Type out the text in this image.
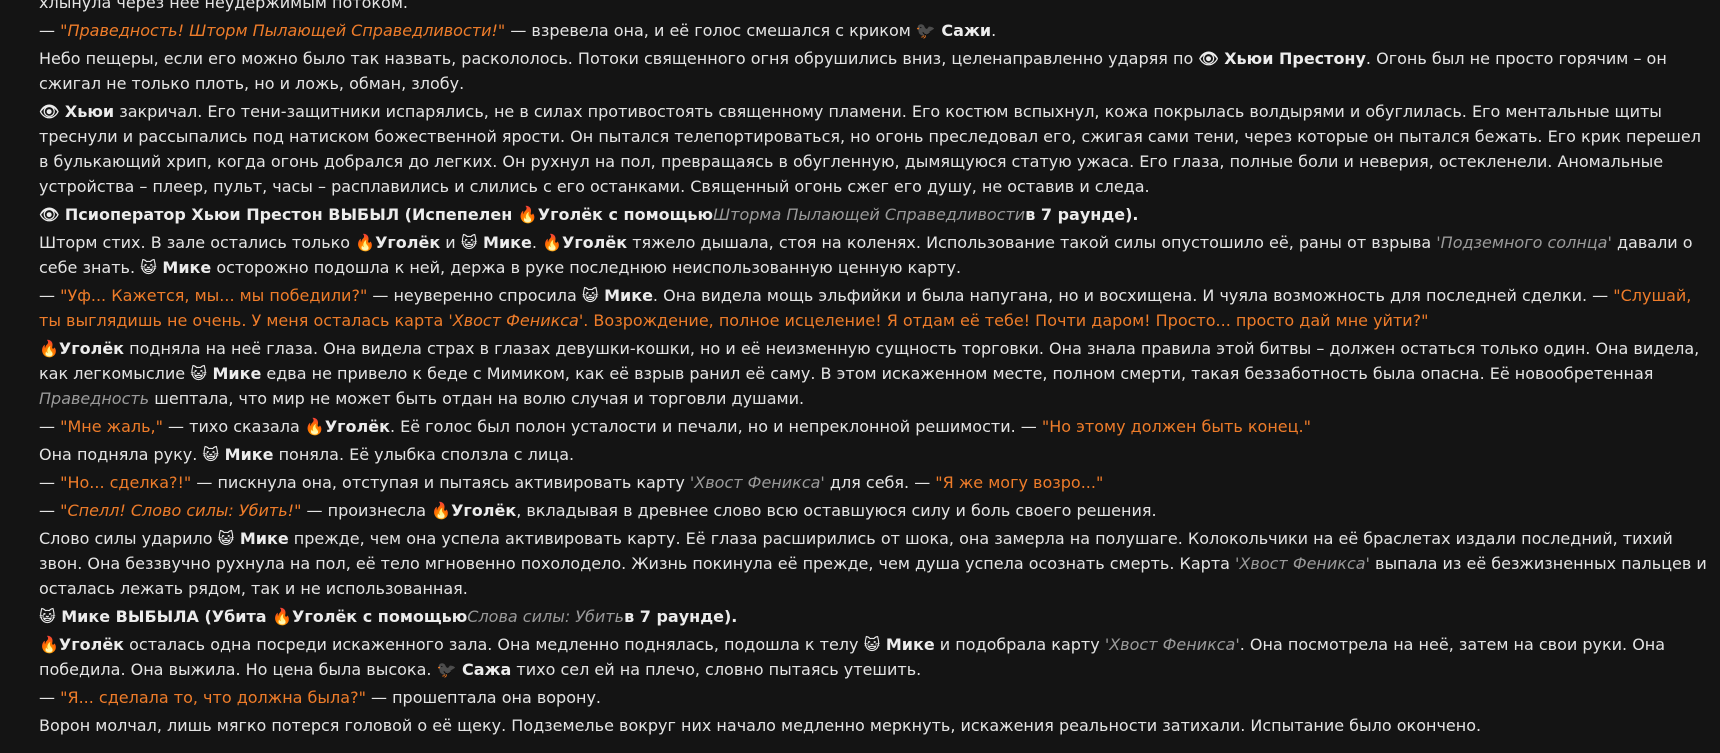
хлынула через нее неудержимым потоком.

— "Праведность! Шторм Пылающей Справедливости!" — взревела она, и её голос смешался с криком 🐦‍⬛ Сажи.

Небо пещеры, если его можно было так назвать, раскололось. Потоки священного огня обрушились вниз, целенаправленно ударяя по 👁 Хьюи Престону. Огонь был не просто горячим – он сжигал не только плоть, но и ложь, обман, злобу.

👁 Хьюи закричал. Его тени-защитники испарялись, не в силах противостоять священному пламени. Его костюм вспыхнул, кожа покрылась волдырями и обуглилась. Его ментальные щиты треснули и рассыпались под натиском божественной ярости. Он пытался телепортироваться, но огонь преследовал его, сжигая сами тени, через которые он пытался бежать. Его крик перешел в булькающий хрип, когда огонь добрался до легких. Он рухнул на пол, превращаясь в обугленную, дымящуюся статую ужаса. Его глаза, полные боли и неверия, остекленели. Аномальные устройства – плеер, пульт, часы – расплавились и слились с его останками. Священный огонь сжег его душу, не оставив и следа.

👁 Псиоператор Хьюи Престон ВЫБЫЛ (Испепелен 🔥Уголёк с помощьюШторма Пылающей Справедливостив 7 раунде).

Шторм стих. В зале остались только 🔥Уголёк и 😺 Мике. 🔥Уголёк тяжело дышала, стоя на коленях. Использование такой силы опустошило её, раны от взрыва 'Подземного солнца' давали о себе знать. 😺 Мике осторожно подошла к ней, держа в руке последнюю неиспользованную ценную карту.

— "Уф... Кажется, мы... мы победили?" — неуверенно спросила 😺 Мике. Она видела мощь эльфийки и была напугана, но и восхищена. И чуяла возможность для последней сделки. — "Слушай, ты выглядишь не очень. У меня осталась карта 'Хвост Феникса'. Возрождение, полное исцеление! Я отдам её тебе! Почти даром! Просто... просто дай мне уйти?"

🔥Уголёк подняла на неё глаза. Она видела страх в глазах девушки-кошки, но и её неизменную сущность торговки. Она знала правила этой битвы – должен остаться только один. Она видела, как легкомыслие 😺 Мике едва не привело к беде с Мимиком, как её взрыв ранил её саму. В этом искаженном месте, полном смерти, такая беззаботность была опасна. Её новообретенная Праведность шептала, что мир не может быть отдан на волю случая и торговли душами.

— "Мне жаль," — тихо сказала 🔥Уголёк. Её голос был полон усталости и печали, но и непреклонной решимости. — "Но этому должен быть конец."

Она подняла руку. 😺 Мике поняла. Её улыбка сползла с лица.

— "Но... сделка?!" — пискнула она, отступая и пытаясь активировать карту 'Хвост Феникса' для себя. — "Я же могу возро..."

— "Спелл! Слово силы: Убить!" — произнесла 🔥Уголёк, вкладывая в древнее слово всю оставшуюся силу и боль своего решения.

Слово силы ударило 😺 Мике прежде, чем она успела активировать карту. Её глаза расширились от шока, она замерла на полушаге. Колокольчики на её браслетах издали последний, тихий звон. Она беззвучно рухнула на пол, её тело мгновенно похолодело. Жизнь покинула её прежде, чем душа успела осознать смерть. Карта 'Хвост Феникса' выпала из её безжизненных пальцев и осталась лежать рядом, так и не использованная.

😺 Мике ВЫБЫЛА (Убита 🔥Уголёк с помощьюСлова силы: Убитьв 7 раунде).

🔥Уголёк осталась одна посреди искаженного зала. Она медленно поднялась, подошла к телу 😺 Мике и подобрала карту 'Хвост Феникса'. Она посмотрела на неё, затем на свои руки. Она победила. Она выжила. Но цена была высока. 🐦‍⬛ Сажа тихо сел ей на плечо, словно пытаясь утешить.

— "Я... сделала то, что должна была?" — прошептала она ворону.

Ворон молчал, лишь мягко потерся головой о её щеку. Подземелье вокруг них начало медленно меркнуть, искажения реальности затихали. Испытание было окончено.
